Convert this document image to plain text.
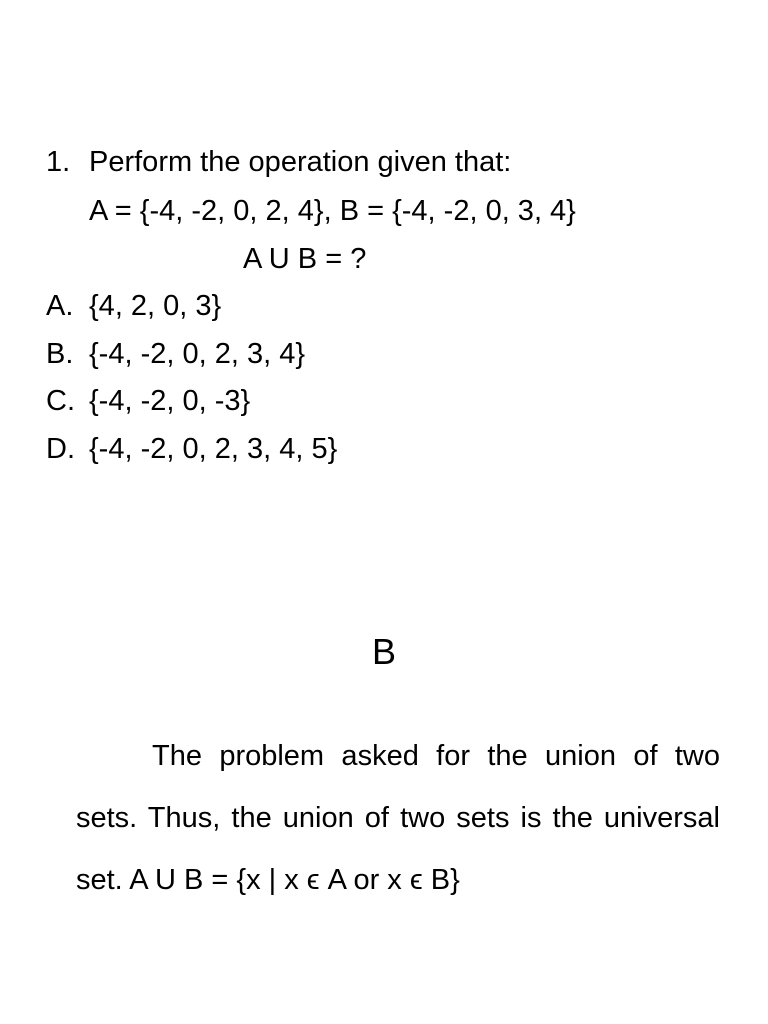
1. Perform the operation given that:
A = {-4, -2, 0, 2, 4}, B = {-4, -2, 0, 3, 4}
A U B = ?
A. {4, 2, 0, 3}
B. {-4, -2, 0, 2, 3, 4}
C. {-4, -2, 0, -3}
D. {-4, -2, 0, 2, 3, 4, 5}
B

The problem asked for the union of two sets. Thus, the union of two sets is the universal set. A U B = {x | x ϵ A or x ϵ B}
